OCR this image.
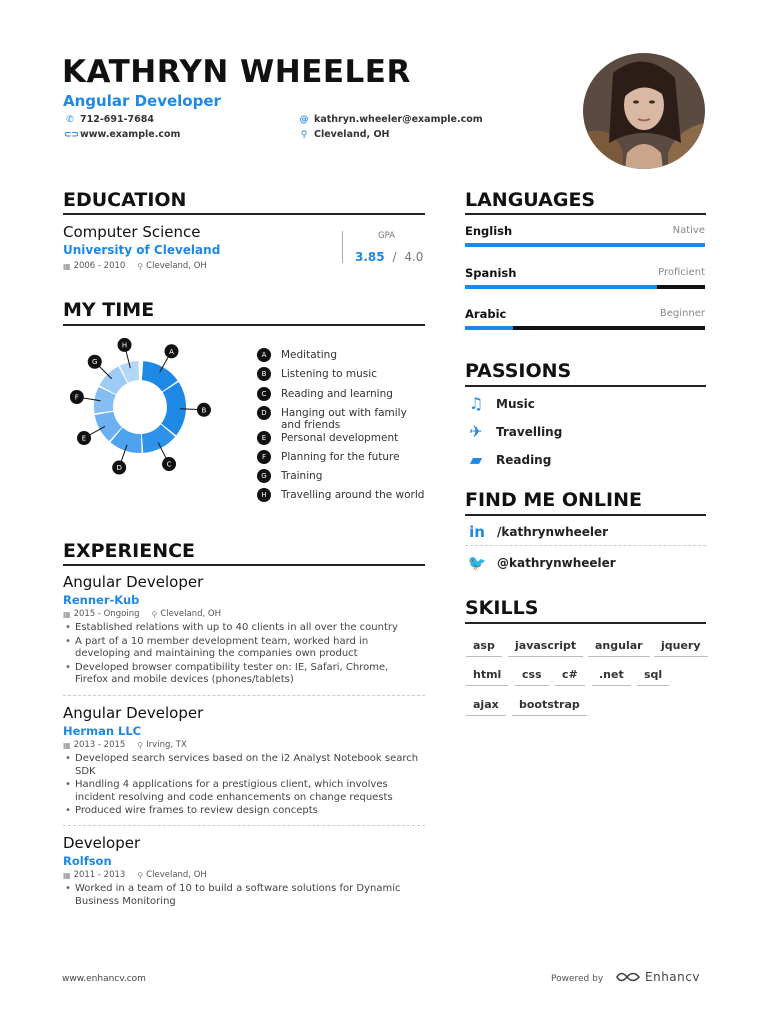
KATHRYN WHEELER
Angular Developer
✆ 712-691-7684
⊂⊃ www.example.com
@ kathryn.wheeler@example.com
⚲ Cleveland, OH
EDUCATION
Computer Science
University of Cleveland
▦ 2006 - 2010 ⚲ Cleveland, OH
GPA
3.85 / 4.0
MY TIME
A
B
C
D
E
F
G
H
A	Meditating
B	Listening to music
C	Reading and learning
D	Hanging out with family and friends
E	Personal development
F	Planning for the future
G	Training
H	Travelling around the world
EXPERIENCE
Angular Developer
Renner-Kub
▦ 2015 - Ongoing ⚲ Cleveland, OH
• Established relations with up to 40 clients in all over the country
• A part of a 10 member development team, worked hard in developing and maintaining the companies own product
• Developed browser compatibility tester on: IE, Safari, Chrome, Firefox and mobile devices (phones/tablets)
Angular Developer
Herman LLC
▦ 2013 - 2015 ⚲ Irving, TX
• Developed search services based on the i2 Analyst Notebook search SDK
• Handling 4 applications for a prestigious client, which involves incident resolving and code enhancements on change requests
• Produced wire frames to review design concepts
Developer
Rolfson
▦ 2011 - 2013 ⚲ Cleveland, OH
• Worked in a team of 10 to build a software solutions for Dynamic Business Monitoring
LANGUAGES
English	Native
Spanish	Proficient
Arabic	Beginner
PASSIONS
♫ Music
✈ Travelling
▰	Reading
FIND ME ONLINE
in /kathrynwheeler
🐦 @kathrynwheeler
SKILLS
asp	javascript	angular	jquery
html	css	c#	.net	sql
ajax	bootstrap
www.enhancv.com	Powered by	Enhancv
